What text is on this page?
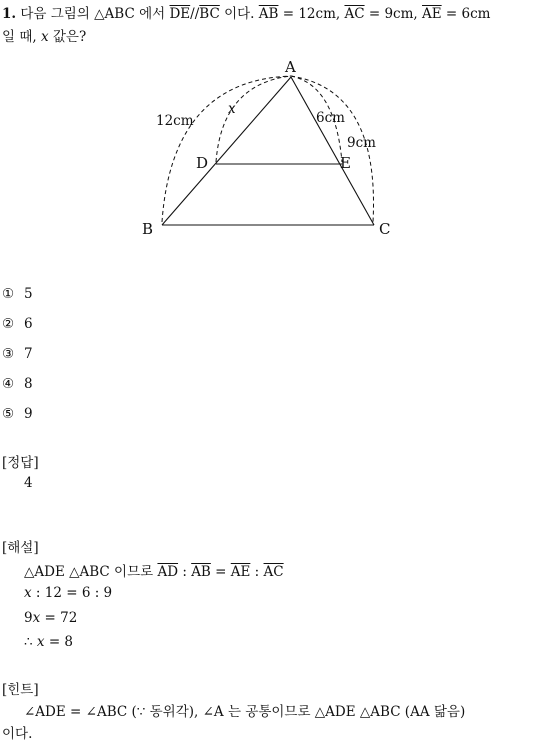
1. 다음 그림의 △ABC 에서 $\overline{DE}//\overline{BC}$ 이다. $\overline{AB} = 12cm$, $\overline{AC} = 9cm$, $\overline{AE} = 6cm$
일 때, x 값은?
A
B	C
D	E
12cm
x
6cm
9cm
① 5
② 6
③ 7
④ 8
⑤ 9
[정답]
4
[해설]
△ADE △ABC 이므로 $\overline{AD}$ : $\overline{AB} = \overline{AE}$ : $\overline{AC}$
x : 12 = 6 : 9
9x = 72
∴ x = 8
[힌트]
∠ADE = ∠ABC (∵ 동위각), ∠A 는 공통이므로 △ADE △ABC (AA 닮음)
이다.
